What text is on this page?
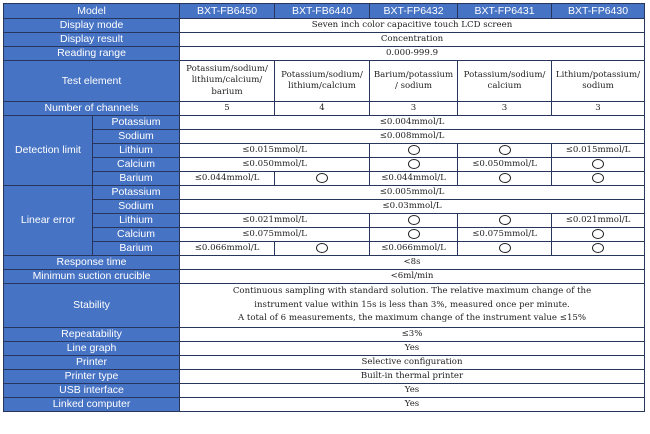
Model		BXT-FB6450	BXT-FB6440	BXT-FP6432	BXT-FP6431	BXT-FP6430
Display mode		Seven inch color capacitive touch LCD screen				
Display result		Concentration				
Reading range		0.000-999.9				
Test element		Potassium/sodium/ lithium/calcium/ barium	Potassium/sodium/ lithium/calcium	Barium/potassium / sodium	Potassium/sodium/ calcium	Lithium/potassium/ sodium
Number of channels		5	4	3	3	3
Detection limit	Potassium	≤0.004mmol/L				
	Sodium	≤0.008mmol/L				
	Lithium	≤0.015mmol/L				≤0.015mmol/L
	Calcium	≤0.050mmol/L			≤0.050mmol/L	
	Barium	≤0.044mmol/L		≤0.044mmol/L		
Linear error	Potassium	≤0.005mmol/L				
	Sodium	≤0.03mmol/L				
	Lithium	≤0.021mmol/L				≤0.021mmol/L
	Calcium	≤0.075mmol/L			≤0.075mmol/L	
	Barium	≤0.066mmol/L		≤0.066mmol/L		
Response time		<8s				
Minimum suction crucible		<6ml/min				
Stability		Continuous sampling with standard solution. The relative maximum change of the
instrument value within 15s is less than 3%, measured once per minute.
A total of 6 measurements, the maximum change of the instrument value ≤15%				

Repeatability		≤3%				
Line graph		Yes				
Printer		Selective configuration				
Printer type		Built-in thermal printer				
USB interface		Yes				
Linked computer		Yes				
